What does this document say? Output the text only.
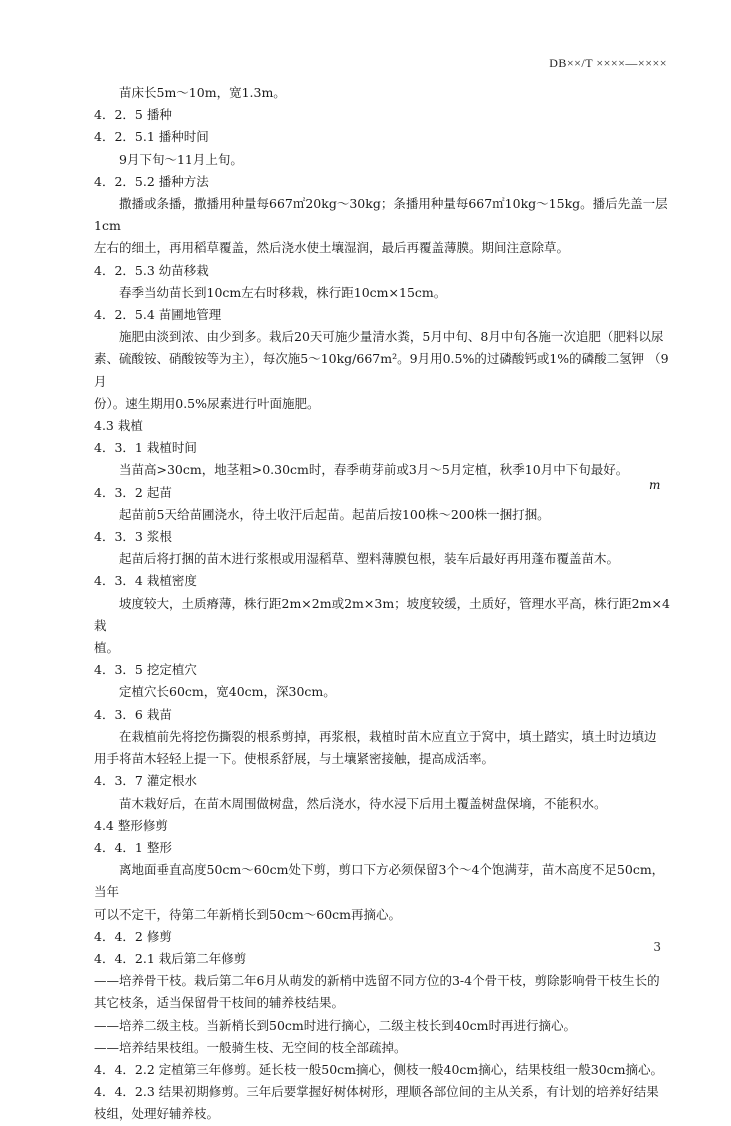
DB××/T ××××—××××

苗床长5m～10m，宽1.3m。

4．2．5 播种

4．2．5.1 播种时间

9月下旬～11月上旬。

4．2．5.2 播种方法

撒播或条播，撒播用种量每667㎡20kg～30kg；条播用种量每667㎡10kg～15kg。播后先盖一层1cm

左右的细土，再用稻草覆盖，然后浇水使土壤湿润，最后再覆盖薄膜。期间注意除草。

4．2．5.3 幼苗移栽

春季当幼苗长到10cm左右时移栽，株行距10cm×15cm。

4．2．5.4 苗圃地管理

施肥由淡到浓、由少到多。栽后20天可施少量清水粪，5月中旬、8月中旬各施一次追肥（肥料以尿

素、硫酸铵、硝酸铵等为主），每次施5～10kg/667m²。9月用0.5%的过磷酸钙或1%的磷酸二氢钾 （9月

份）。速生期用0.5%尿素进行叶面施肥。

4.3 栽植

4．3．1 栽植时间

当苗高>30cm，地茎粗>0.30cm时，春季萌芽前或3月～5月定植，秋季10月中下旬最好。

4．3．2 起苗

起苗前5天给苗圃浇水，待土收汗后起苗。起苗后按100株～200株一捆打捆。

4．3．3 浆根

起苗后将打捆的苗木进行浆根或用湿稻草、塑料薄膜包根，装车后最好再用蓬布覆盖苗木。

4．3．4 栽植密度

坡度较大，土质瘠薄，株行距2m×2m或2m×3m；坡度较缓，土质好，管理水平高，株行距2m×4栽

植。

4．3．5 挖定植穴

定植穴长60cm，宽40cm，深30cm。

4．3．6 栽苗

在栽植前先将挖伤撕裂的根系剪掉，再浆根，栽植时苗木应直立于窝中，填土踏实，填土时边填边

用手将苗木轻轻上提一下。使根系舒展，与土壤紧密接触，提高成活率。

4．3．7 灌定根水

苗木栽好后，在苗木周围做树盘，然后浇水，待水浸下后用土覆盖树盘保墒，不能积水。

4.4 整形修剪

4．4．1 整形

离地面垂直高度50cm～60cm处下剪，剪口下方必须保留3个～4个饱满芽，苗木高度不足50cm，当年

可以不定干，待第二年新梢长到50cm～60cm再摘心。

4．4．2 修剪

4．4．2.1 栽后第二年修剪

——培养骨干枝。栽后第二年6月从萌发的新梢中选留不同方位的3-4个骨干枝，剪除影响骨干枝生长的

其它枝条，适当保留骨干枝间的辅养枝结果。

——培养二级主枝。当新梢长到50cm时进行摘心，二级主枝长到40cm时再进行摘心。

——培养结果枝组。一般骑生枝、无空间的枝全部疏掉。

4．4．2.2 定植第三年修剪。延长枝一般50cm摘心，侧枝一般40cm摘心，结果枝组一般30cm摘心。

4．4．2.3 结果初期修剪。三年后要掌握好树体树形，理顺各部位间的主从关系，有计划的培养好结果

枝组，处理好辅养枝。

m
3
